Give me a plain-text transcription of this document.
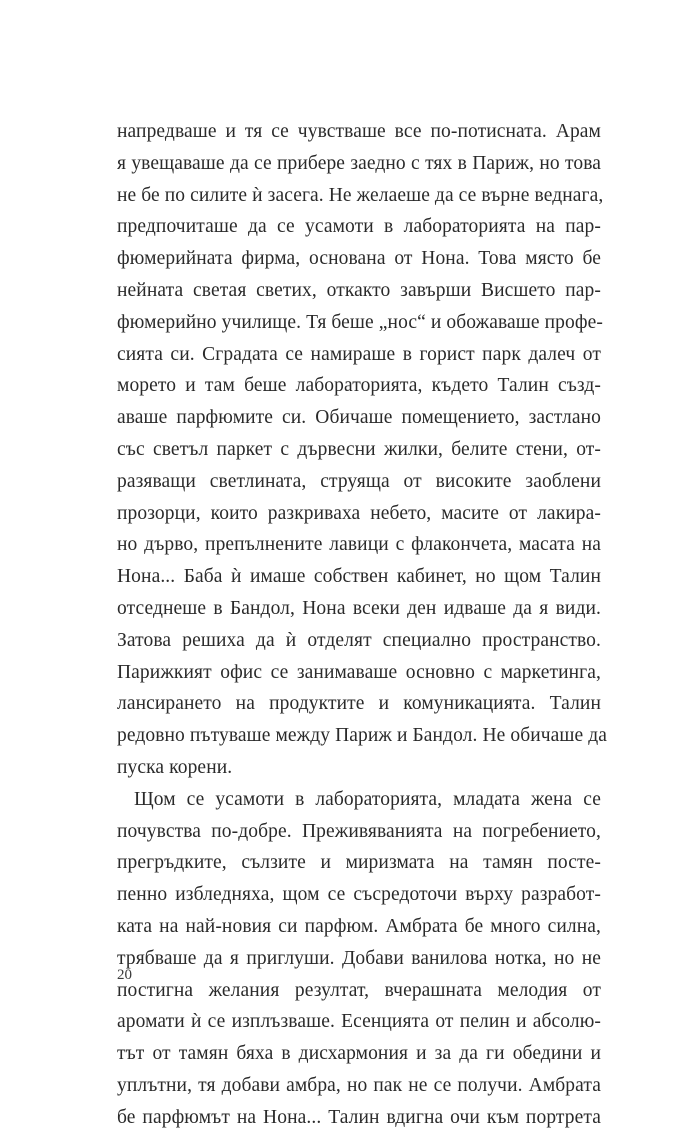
напредваше и тя се чувстваше все по-потисната. Арам
я увещаваше да се прибере заедно с тях в Париж, но това
не бе по силите ѝ засега. Не желаеше да се върне веднага,
предпочиташе да се усамоти в лабораторията на пар-
фюмерийната фирма, основана от Нона. Това място бе
нейната светая светих, откакто завърши Висшето пар-
фюмерийно училище. Тя беше „нос“ и обожаваше профе-
сията си. Сградата се намираше в горист парк далеч от
морето и там беше лабораторията, където Талин създ-
аваше парфюмите си. Обичаше помещението, застлано
със светъл паркет с дървесни жилки, белите стени, от-
разяващи светлината, струяща от високите заоблени
прозорци, които разкриваха небето, масите от лакира-
но дърво, препълнените лавици с флакончета, масата на
Нона... Баба ѝ имаше собствен кабинет, но щом Талин
отседнеше в Бандол, Нона всеки ден идваше да я види.
Затова решиха да ѝ отделят специално пространство.
Парижкият офис се занимаваше основно с маркетинга,
лансирането на продуктите и комуникацията. Талин
редовно пътуваше между Париж и Бандол. Не обичаше да
пуска корени.
Щом се усамоти в лабораторията, младата жена се
почувства по-добре. Преживяванията на погребението,
прегръдките, сълзите и миризмата на тамян постe-
пенно избледняха, щом се съсредоточи върху разработ-
ката на най-новия си парфюм. Амбрата бе много силна,
трябваше да я приглуши. Добави ванилова нотка, но не
постигна желания резултат, вчерашната мелодия от
аромати ѝ се изплъзваше. Есенцията от пелин и абсолю-
тът от тамян бяха в дисхармония и за да ги обедини и
уплътни, тя добави амбра, но пак не се получи. Амбрата
бе парфюмът на Нона... Талин вдигна очи към портрета
20
